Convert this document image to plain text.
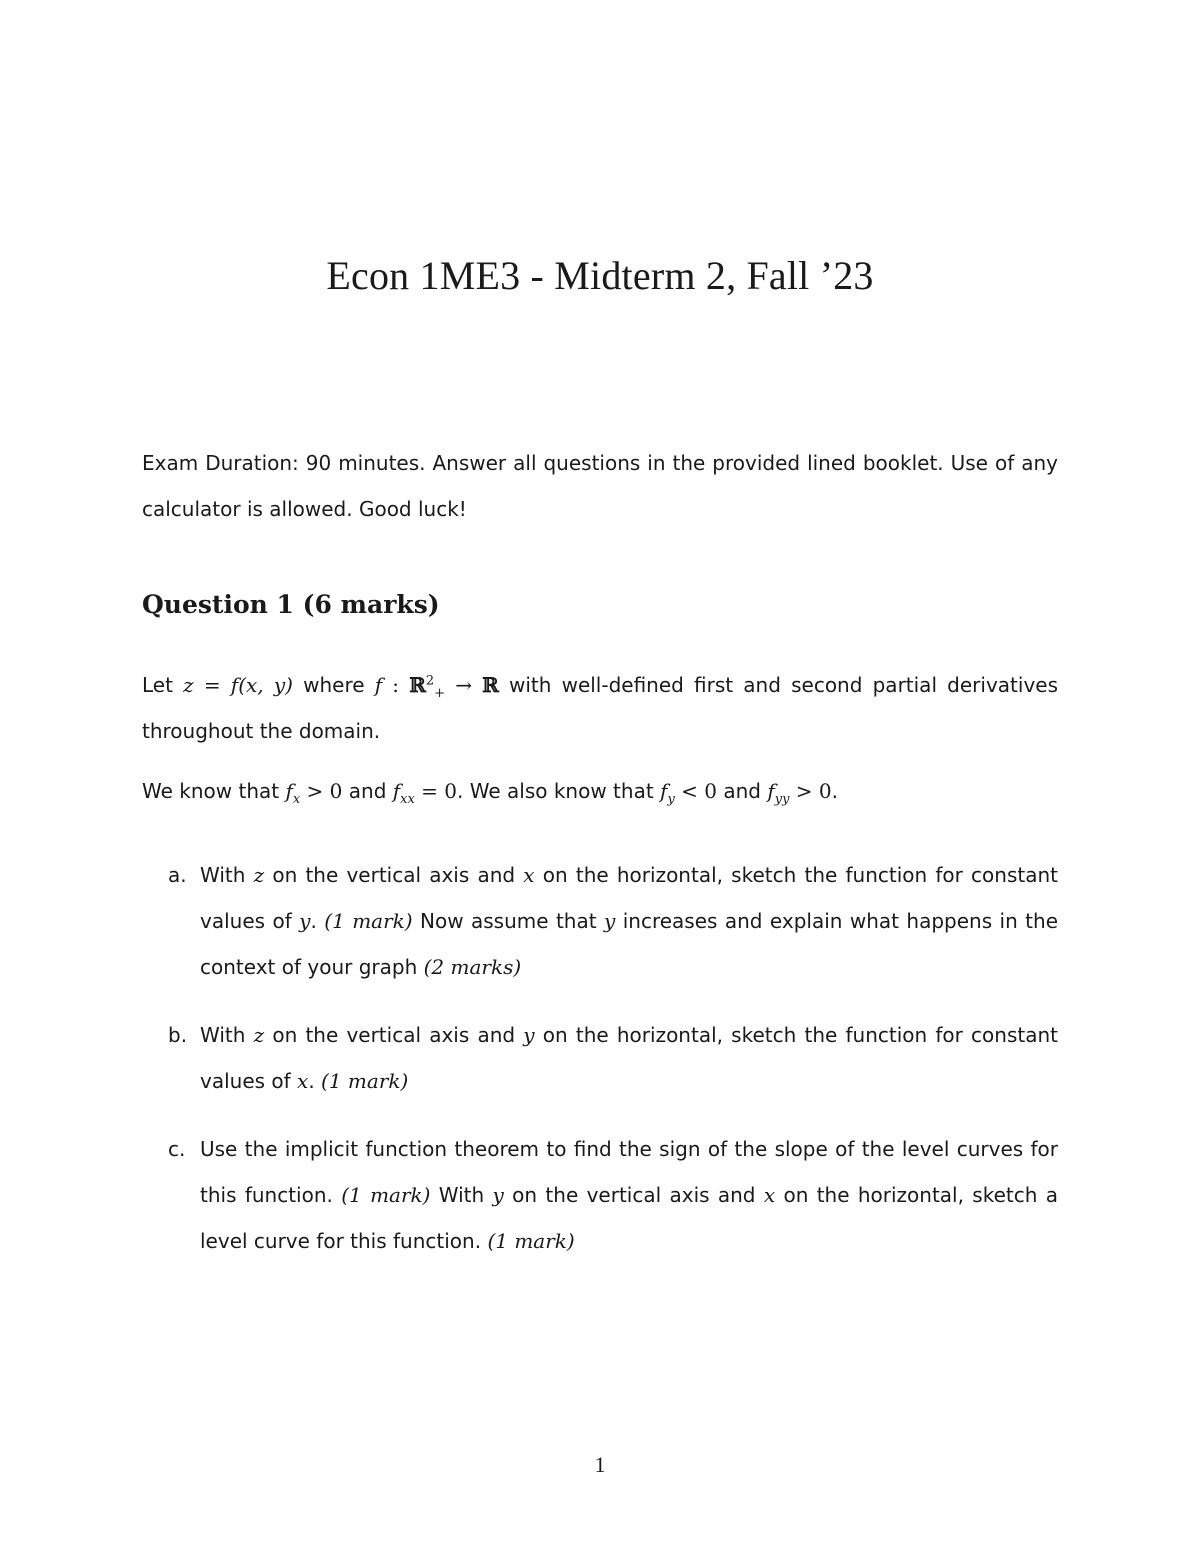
Econ 1ME3 - Midterm 2, Fall ’23
Exam Duration: 90 minutes. Answer all questions in the provided lined booklet. Use of any calculator is allowed. Good luck!
Question 1 (6 marks)
Let z = f(x, y) where f : ℝ$^2_+$ → ℝ with well-defined first and second partial derivatives throughout the domain.
We know that $f_x > 0$ and $f_{xx} = 0$. We also know that $f_y < 0$ and $f_{yy} > 0$.
a. With z on the vertical axis and x on the horizontal, sketch the function for constant values of y. (1 mark) Now assume that y increases and explain what happens in the context of your graph (2 marks)
b. With z on the vertical axis and y on the horizontal, sketch the function for constant values of x. (1 mark)
c. Use the implicit function theorem to find the sign of the slope of the level curves for this function. (1 mark) With y on the vertical axis and x on the horizontal, sketch a level curve for this function. (1 mark)
1
